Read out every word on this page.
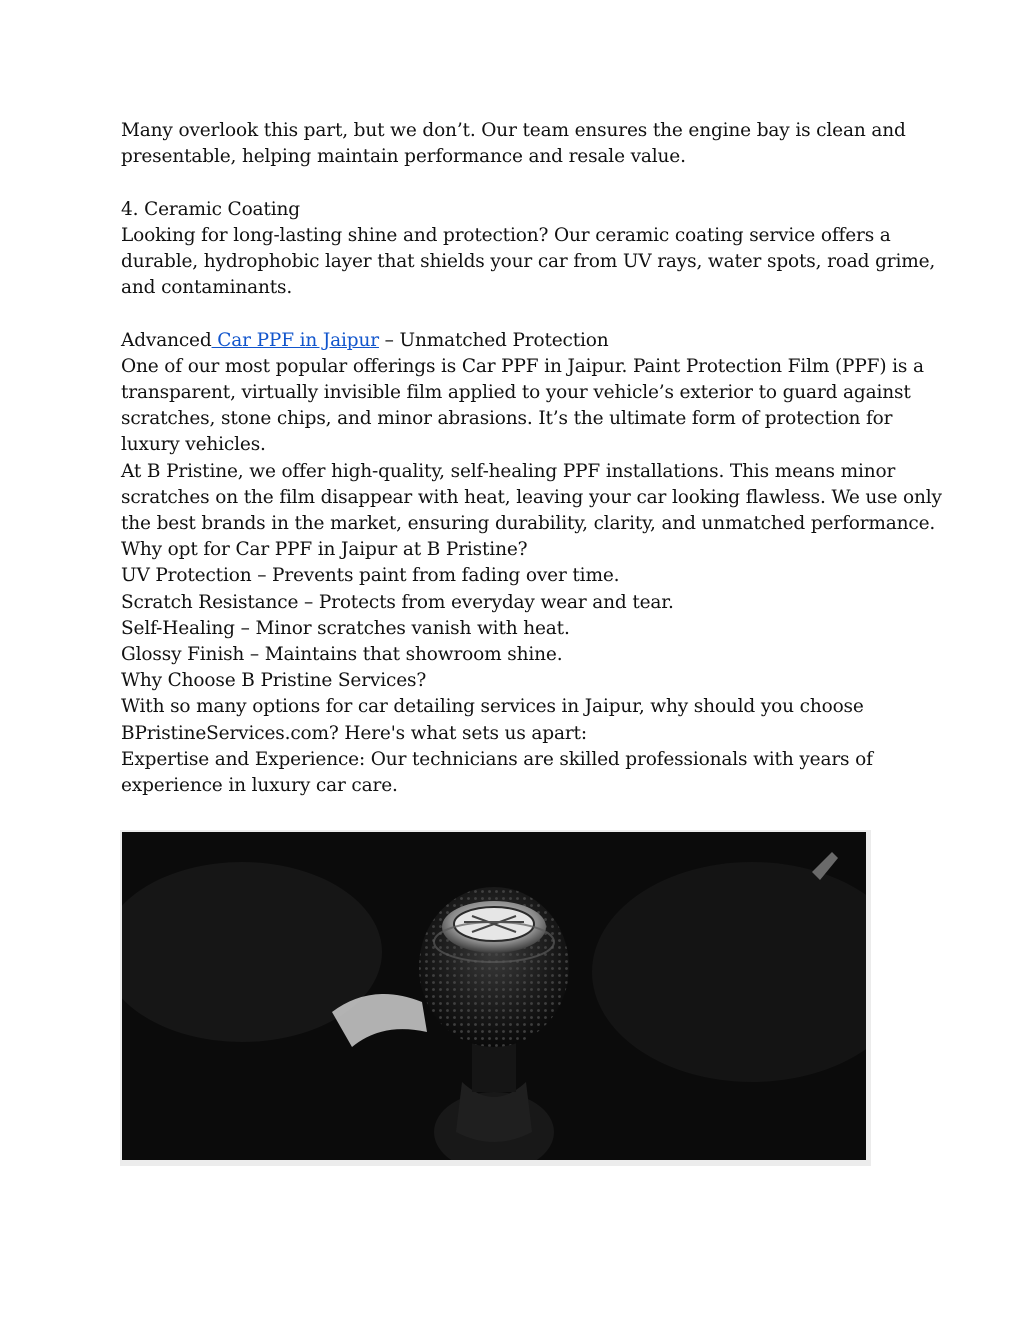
Many overlook this part, but we don’t. Our team ensures the engine bay is clean and
presentable, helping maintain performance and resale value.
4. Ceramic Coating
Looking for long-lasting shine and protection? Our ceramic coating service offers a
durable, hydrophobic layer that shields your car from UV rays, water spots, road grime,
and contaminants.
Advanced Car PPF in Jaipur – Unmatched Protection
One of our most popular offerings is Car PPF in Jaipur. Paint Protection Film (PPF) is a
transparent, virtually invisible film applied to your vehicle’s exterior to guard against
scratches, stone chips, and minor abrasions. It’s the ultimate form of protection for
luxury vehicles.
At B Pristine, we offer high-quality, self-healing PPF installations. This means minor
scratches on the film disappear with heat, leaving your car looking flawless. We use only
the best brands in the market, ensuring durability, clarity, and unmatched performance.
Why opt for Car PPF in Jaipur at B Pristine?
UV Protection – Prevents paint from fading over time.
Scratch Resistance – Protects from everyday wear and tear.
Self-Healing – Minor scratches vanish with heat.
Glossy Finish – Maintains that showroom shine.
Why Choose B Pristine Services?
With so many options for car detailing services in Jaipur, why should you choose
BPristineServices.com? Here's what sets us apart:
Expertise and Experience: Our technicians are skilled professionals with years of
experience in luxury car care.
